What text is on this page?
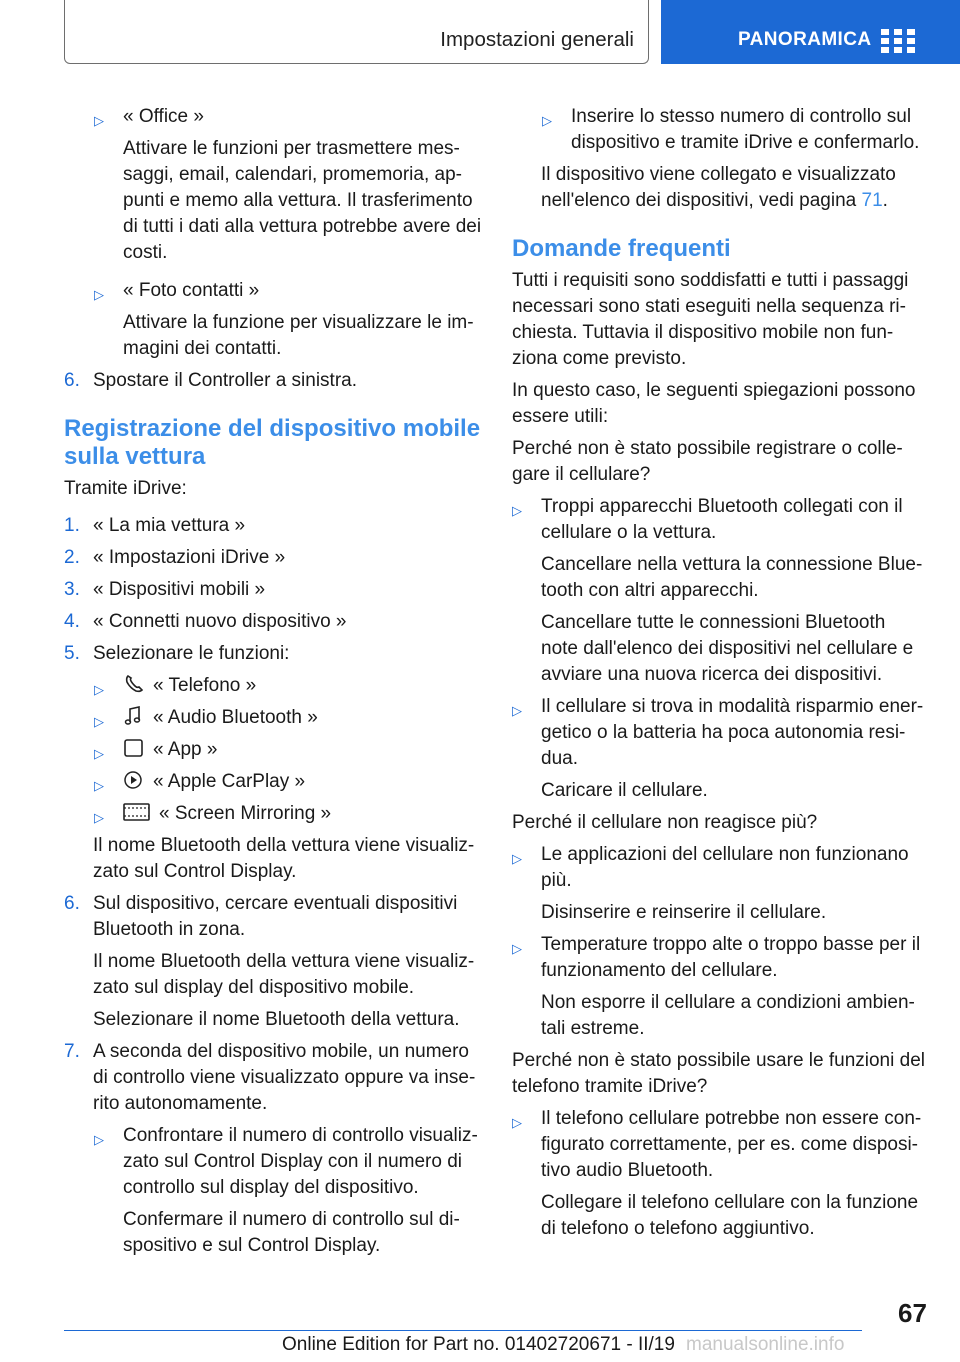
Impostazioni generali	PANORAMICA
▷ « Office »

Attivare le funzioni per trasmettere mes-

saggi, email, calendari, promemoria, ap-

punti e memo alla vettura. Il trasferimento

di tutti i dati alla vettura potrebbe avere dei

costi.

▷ « Foto contatti »

Attivare la funzione per visualizzare le im-

magini dei contatti.

6. Spostare il Controller a sinistra.

Registrazione del dispositivo mobile

sulla vettura

Tramite iDrive:

1. « La mia vettura »

2. « Impostazioni iDrive »

3. « Dispositivi mobili »

4. « Connetti nuovo dispositivo »

5. Selezionare le funzioni:

▷	« Telefono »

▷	« Audio Bluetooth »

▷	« App »

▷	« Apple CarPlay »

▷	« Screen Mirroring »

Il nome Bluetooth della vettura viene visualiz-

zato sul Control Display.

6. Sul dispositivo, cercare eventuali dispositivi

Bluetooth in zona.

Il nome Bluetooth della vettura viene visualiz-

zato sul display del dispositivo mobile.

Selezionare il nome Bluetooth della vettura.

7. A seconda del dispositivo mobile, un numero

di controllo viene visualizzato oppure va inse-

rito autonomamente.

▷ Confrontare il numero di controllo visualiz-

zato sul Control Display con il numero di

controllo sul display del dispositivo.

Confermare il numero di controllo sul di-

spositivo e sul Control Display.

▷ Inserire lo stesso numero di controllo sul

dispositivo e tramite iDrive e confermarlo.

Il dispositivo viene collegato e visualizzato

nell'elenco dei dispositivi, vedi pagina 71.

Domande frequenti

Tutti i requisiti sono soddisfatti e tutti i passaggi

necessari sono stati eseguiti nella sequenza ri-

chiesta. Tuttavia il dispositivo mobile non fun-

ziona come previsto.

In questo caso, le seguenti spiegazioni possono

essere utili:

Perché non è stato possibile registrare o colle-

gare il cellulare?

▷ Troppi apparecchi Bluetooth collegati con il

cellulare o la vettura.

Cancellare nella vettura la connessione Blue-

tooth con altri apparecchi.

Cancellare tutte le connessioni Bluetooth

note dall'elenco dei dispositivi nel cellulare e

avviare una nuova ricerca dei dispositivi.

▷ Il cellulare si trova in modalità risparmio ener-

getico o la batteria ha poca autonomia resi-

dua.

Caricare il cellulare.

Perché il cellulare non reagisce più?

▷ Le applicazioni del cellulare non funzionano

più.

Disinserire e reinserire il cellulare.

▷ Temperature troppo alte o troppo basse per il

funzionamento del cellulare.

Non esporre il cellulare a condizioni ambien-

tali estreme.

Perché non è stato possibile usare le funzioni del

telefono tramite iDrive?

▷ Il telefono cellulare potrebbe non essere con-

figurato correttamente, per es. come disposi-

tivo audio Bluetooth.

Collegare il telefono cellulare con la funzione

di telefono o telefono aggiuntivo.

67
Online Edition for Part no. 01402720671 - II/19 manualsonline.info
